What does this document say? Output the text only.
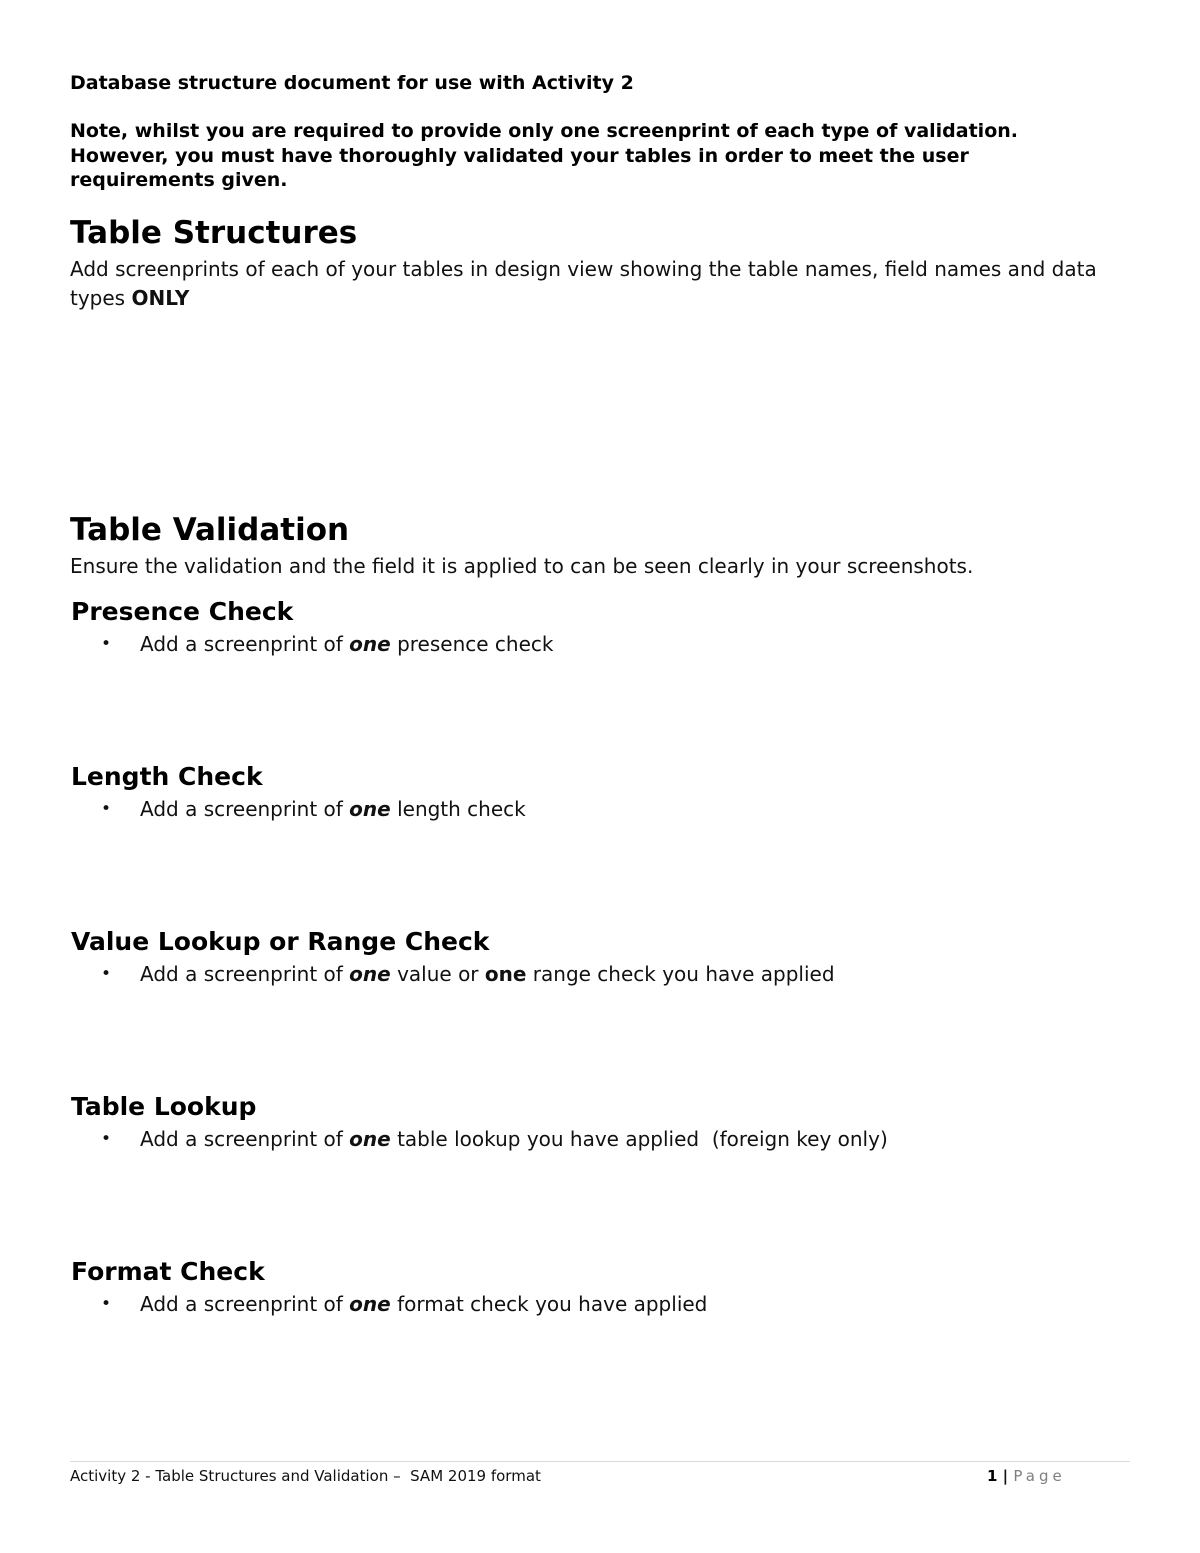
Database structure document for use with Activity 2

Note, whilst you are required to provide only one screenprint of each type of validation. However, you must have thoroughly validated your tables in order to meet the user requirements given.

Table Structures

Add screenprints of each of your tables in design view showing the table names, field names and data types ONLY

Table Validation

Ensure the validation and the field it is applied to can be seen clearly in your screenshots.

Presence Check
• Add a screenprint of one presence check
Length Check
• Add a screenprint of one length check
Value Lookup or Range Check
• Add a screenprint of one value or one range check you have applied
Table Lookup
• Add a screenprint of one table lookup you have applied  (foreign key only)
Format Check
• Add a screenprint of one format check you have applied
Activity 2 - Table Structures and Validation –  SAM 2019 format	1 | Page
